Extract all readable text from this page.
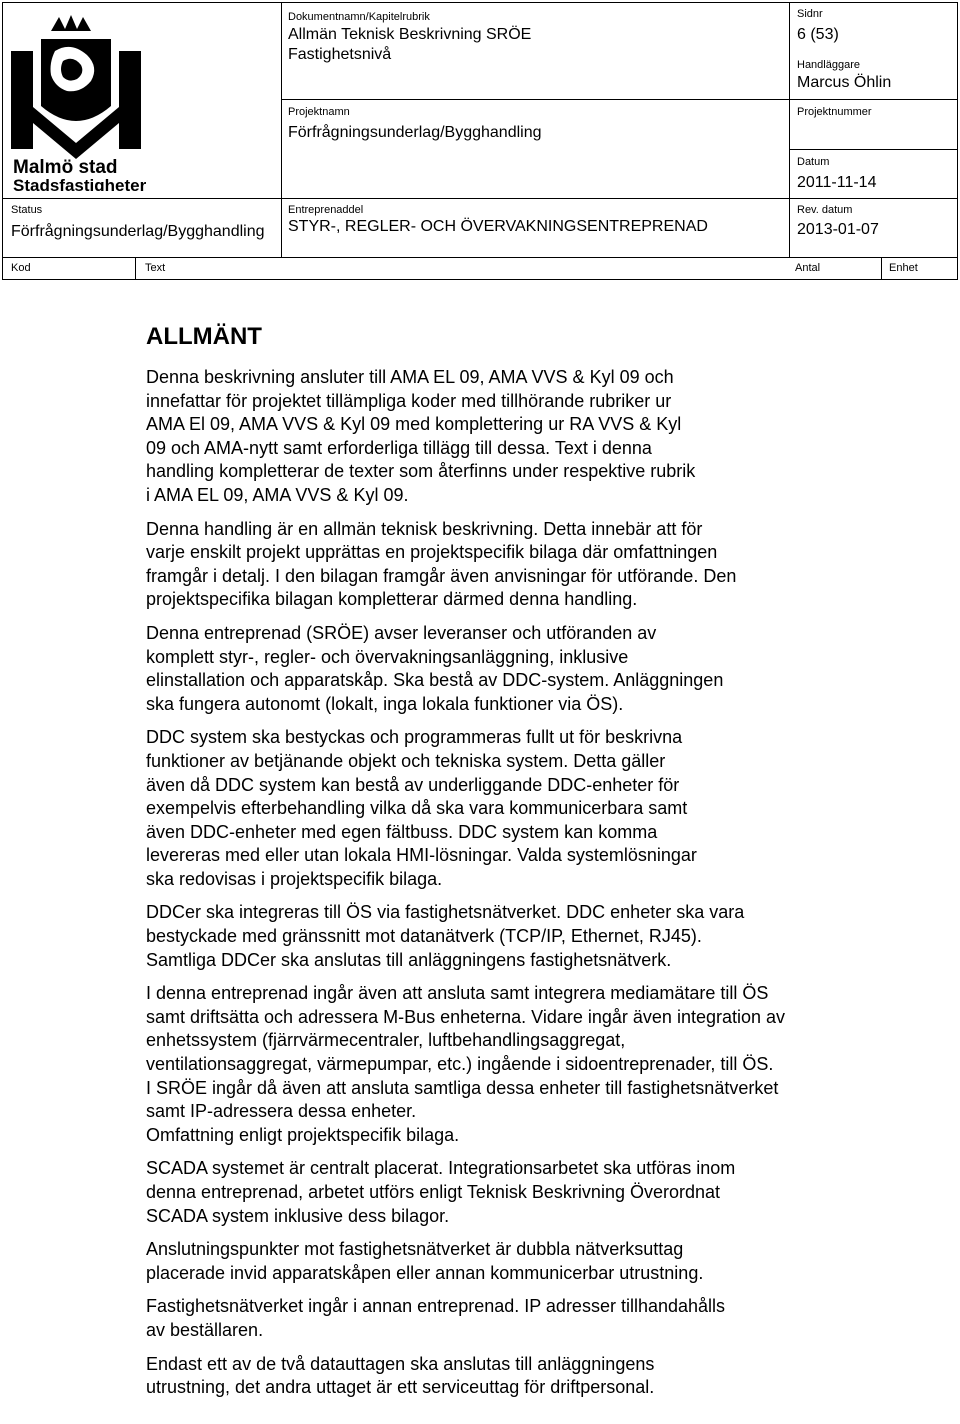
Malmö stad
Stadsfastigheter
Dokumentnamn/Kapitelrubrik
Allmän Teknisk Beskrivning SRÖE
Fastighetsnivå
Sidnr
6 (53)
Handläggare
Marcus Öhlin
Projektnamn
Förfrågningsunderlag/Bygghandling
Projektnummer
Datum
2011-11-14
Status
Förfrågningsunderlag/Bygghandling
Entreprenaddel
STYR-, REGLER- OCH ÖVERVAKNINGSENTREPRENAD
Rev. datum
2013-01-07
Kod	Text	Antal	Enhet
ALLMÄNT

Denna beskrivning ansluter till AMA EL 09, AMA VVS & Kyl 09 och
innefattar för projektet tillämpliga koder med tillhörande rubriker ur
AMA El 09, AMA VVS & Kyl 09 med komplettering ur RA VVS & Kyl
09 och AMA-nytt samt erforderliga tillägg till dessa. Text i denna
handling kompletterar de texter som återfinns under respektive rubrik
i AMA EL 09, AMA VVS & Kyl 09.

Denna handling är en allmän teknisk beskrivning. Detta innebär att för
varje enskilt projekt upprättas en projektspecifik bilaga där omfattningen
framgår i detalj. I den bilagan framgår även anvisningar för utförande. Den
projektspecifika bilagan kompletterar därmed denna handling.

Denna entreprenad (SRÖE) avser leveranser och utföranden av
komplett styr-, regler- och övervakningsanläggning, inklusive
elinstallation och apparatskåp. Ska bestå av DDC-system. Anläggningen
ska fungera autonomt (lokalt, inga lokala funktioner via ÖS).

DDC system ska bestyckas och programmeras fullt ut för beskrivna
funktioner av betjänande objekt och tekniska system. Detta gäller
även då DDC system kan bestå av underliggande DDC-enheter för
exempelvis efterbehandling vilka då ska vara kommunicerbara samt
även DDC-enheter med egen fältbuss. DDC system kan komma
levereras med eller utan lokala HMI-lösningar. Valda systemlösningar
ska redovisas i projektspecifik bilaga.

DDCer ska integreras till ÖS via fastighetsnätverket. DDC enheter ska vara
bestyckade med gränssnitt mot datanätverk (TCP/IP, Ethernet, RJ45).
Samtliga DDCer ska anslutas till anläggningens fastighetsnätverk.

I denna entreprenad ingår även att ansluta samt integrera mediamätare till ÖS
samt driftsätta och adressera M-Bus enheterna. Vidare ingår även integration av
enhetssystem (fjärrvärmecentraler, luftbehandlingsaggregat,
ventilationsaggregat, värmepumpar, etc.) ingående i sidoentreprenader, till ÖS.
I SRÖE ingår då även att ansluta samtliga dessa enheter till fastighetsnätverket
samt IP-adressera dessa enheter.
Omfattning enligt projektspecifik bilaga.

SCADA systemet är centralt placerat. Integrationsarbetet ska utföras inom
denna entreprenad, arbetet utförs enligt Teknisk Beskrivning Överordnat
SCADA system inklusive dess bilagor.

Anslutningspunkter mot fastighetsnätverket är dubbla nätverksuttag
placerade invid apparatskåpen eller annan kommunicerbar utrustning.

Fastighetsnätverket ingår i annan entreprenad. IP adresser tillhandahålls
av beställaren.

Endast ett av de två datauttagen ska anslutas till anläggningens
utrustning, det andra uttaget är ett serviceuttag för driftpersonal.
